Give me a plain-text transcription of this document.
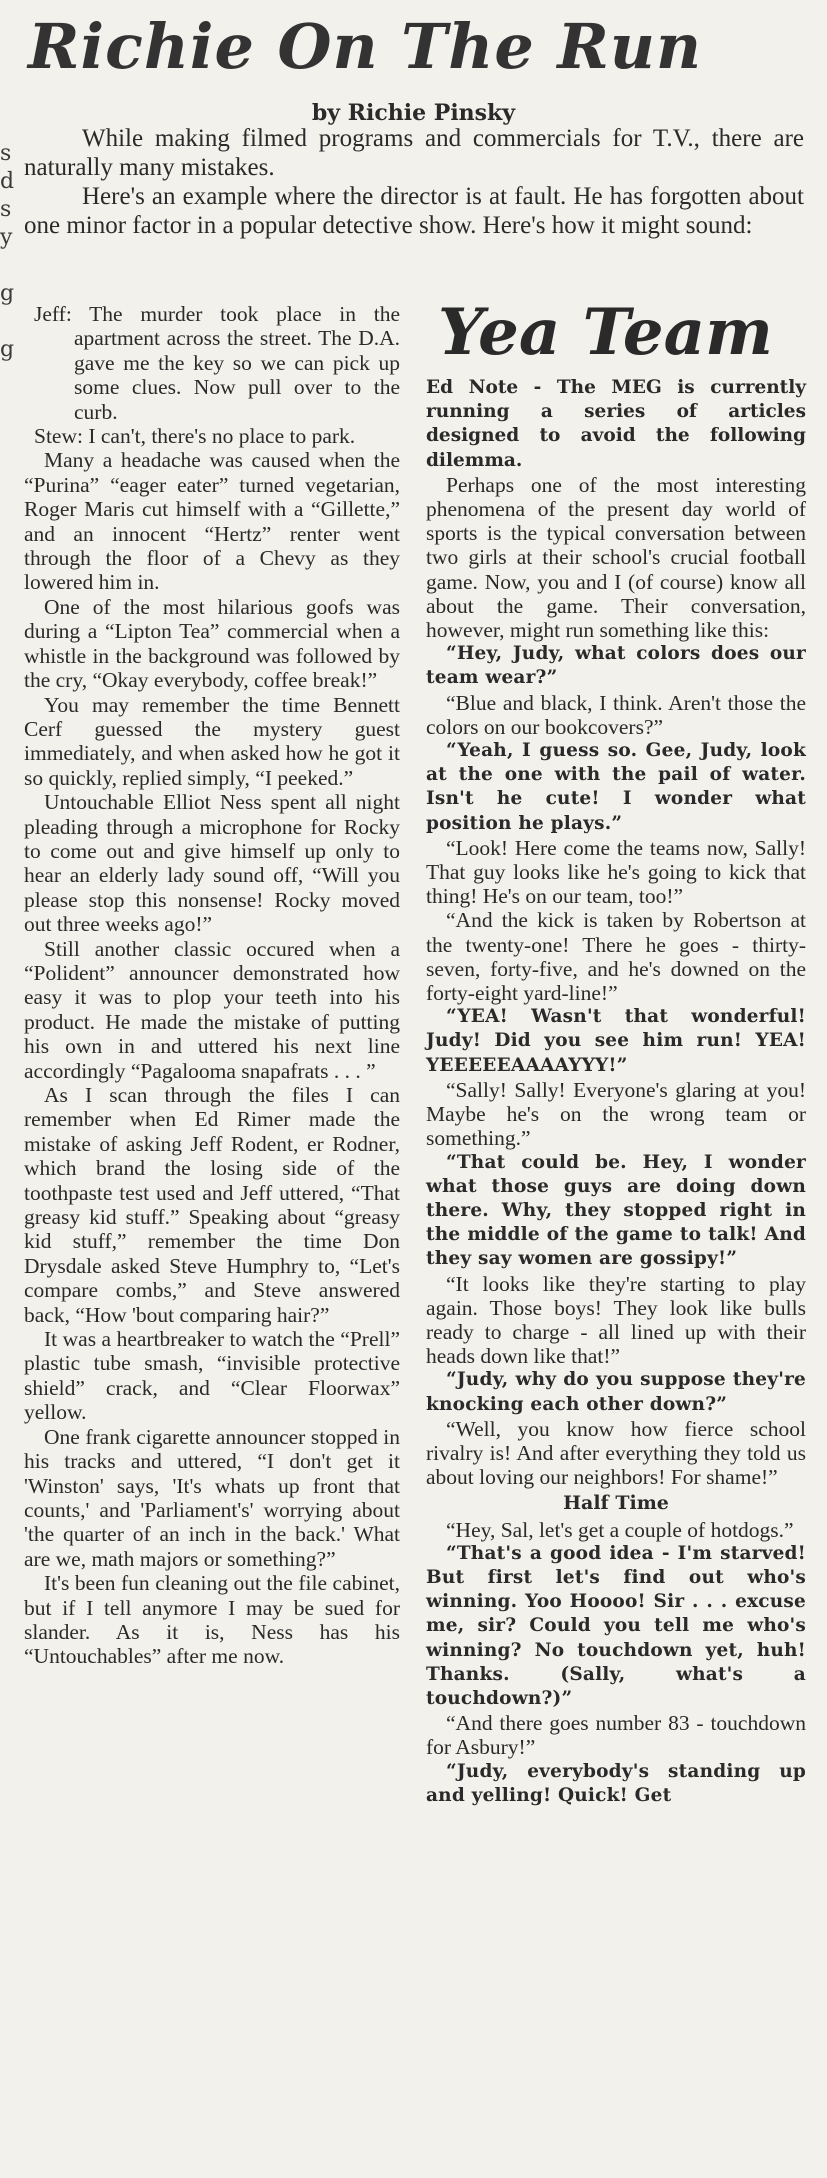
s
d
s
y

g

g
Richie On The Run
by Richie Pinsky

While making filmed programs and commercials for T.V., there are naturally many mistakes.

Here's an example where the director is at fault. He has forgotten about one minor factor in a popular detective show. Here's how it might sound:

Jeff: The murder took place in the apartment across the street. The D.A. gave me the key so we can pick up some clues. Now pull over to the curb.

Stew: I can't, there's no place to park.

Many a headache was caused when the “Purina” “eager eater” turned vegetarian, Roger Maris cut himself with a “Gillette,” and an innocent “Hertz” renter went through the floor of a Chevy as they lowered him in.

One of the most hilarious goofs was during a “Lipton Tea” commercial when a whistle in the background was followed by the cry, “Okay everybody, coffee break!”

You may remember the time Bennett Cerf guessed the mystery guest immediately, and when asked how he got it so quickly, replied simply, “I peeked.”

Untouchable Elliot Ness spent all night pleading through a microphone for Rocky to come out and give himself up only to hear an elderly lady sound off, “Will you please stop this nonsense! Rocky moved out three weeks ago!”

Still another classic occured when a “Polident” announcer demonstrated how easy it was to plop your teeth into his product. He made the mistake of putting his own in and uttered his next line accordingly “Pagalooma snapafrats . . . ”

As I scan through the files I can remember when Ed Rimer made the mistake of asking Jeff Rodent, er Rodner, which brand the losing side of the toothpaste test used and Jeff uttered, “That greasy kid stuff.” Speaking about “greasy kid stuff,” remember the time Don Drysdale asked Steve Humphry to, “Let's compare combs,” and Steve answered back, “How 'bout comparing hair?”

It was a heartbreaker to watch the “Prell” plastic tube smash, “invisible protective shield” crack, and “Clear Floorwax” yellow.

One frank cigarette announcer stopped in his tracks and uttered, “I don't get it 'Winston' says, 'It's whats up front that counts,' and 'Parliament's' worrying about 'the quarter of an inch in the back.' What are we, math majors or something?”

It's been fun cleaning out the file cabinet, but if I tell anymore I may be sued for slander. As it is, Ness has his “Untouchables” after me now.

Yea Team

Ed Note - The MEG is currently running a series of articles designed to avoid the following dilemma.

Perhaps one of the most interesting phenomena of the present day world of sports is the typical conversation between two girls at their school's crucial football game. Now, you and I (of course) know all about the game. Their conversation, however, might run something like this:

“Hey, Judy, what colors does our team wear?”

“Blue and black, I think. Aren't those the colors on our bookcovers?”

“Yeah, I guess so. Gee, Judy, look at the one with the pail of water. Isn't he cute! I wonder what position he plays.”

“Look! Here come the teams now, Sally! That guy looks like he's going to kick that thing! He's on our team, too!”

“And the kick is taken by Robertson at the twenty-one! There he goes - thirty-seven, forty-five, and he's downed on the forty-eight yard-line!”

“YEA! Wasn't that wonderful! Judy! Did you see him run! YEA! YEEEEEAAAAYYY!”

“Sally! Sally! Everyone's glaring at you! Maybe he's on the wrong team or something.”

“That could be. Hey, I wonder what those guys are doing down there. Why, they stopped right in the middle of the game to talk! And they say women are gossipy!”

“It looks like they're starting to play again. Those boys! They look like bulls ready to charge - all lined up with their heads down like that!”

“Judy, why do you suppose they're knocking each other down?”

“Well, you know how fierce school rivalry is! And after everything they told us about loving our neighbors! For shame!”

Half Time

“Hey, Sal, let's get a couple of hotdogs.”

“That's a good idea - I'm starved! But first let's find out who's winning. Yoo Hoooo! Sir . . . excuse me, sir? Could you tell me who's winning? No touchdown yet, huh! Thanks. (Sally, what's a touchdown?)”

“And there goes number 83 - touchdown for Asbury!”

“Judy, everybody's standing up and yelling! Quick! Get
